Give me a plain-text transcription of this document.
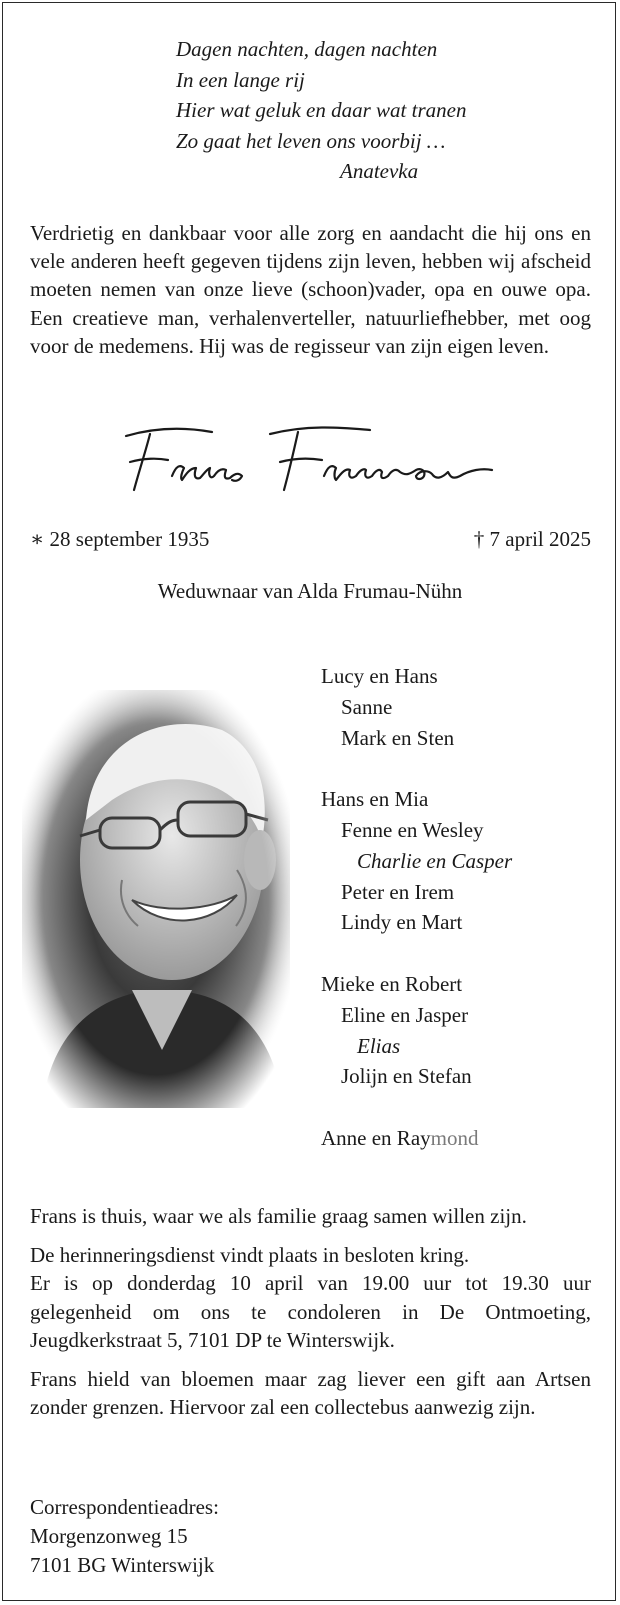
Dagen nachten, dagen nachten
In een lange rij
Hier wat geluk en daar wat tranen
Zo gaat het leven ons voorbij …
Anatevka
Verdrietig en dankbaar voor alle zorg en aandacht die hij ons en vele anderen heeft gegeven tijdens zijn leven, hebben wij afscheid moeten nemen van onze lieve (schoon)vader, opa en ouwe opa. Een creatieve man, verhalenverteller, natuurliefhebber, met oog voor de medemens. Hij was de regisseur van zijn eigen leven.
∗ 28 september 1935	† 7 april 2025
Weduwnaar van Alda Frumau-Nühn
Lucy en Hans
Sanne
Mark en Sten
Hans en Mia
Fenne en Wesley
Charlie en Casper
Peter en Irem
Lindy en Mart
Mieke en Robert
Eline en Jasper
Elias
Jolijn en Stefan
Anne en Raymond

Frans is thuis, waar we als familie graag samen willen zijn.

De herinneringsdienst vindt plaats in besloten kring.
Er is op donderdag 10 april van 19.00 uur tot 19.30 uur gelegenheid om ons te condoleren in De Ontmoeting, Jeugdkerkstraat 5, 7101 DP te Winterswijk.

Frans hield van bloemen maar zag liever een gift aan Artsen zonder grenzen. Hiervoor zal een collectebus aanwezig zijn.

Correspondentieadres:
Morgenzonweg 15
7101 BG Winterswijk
